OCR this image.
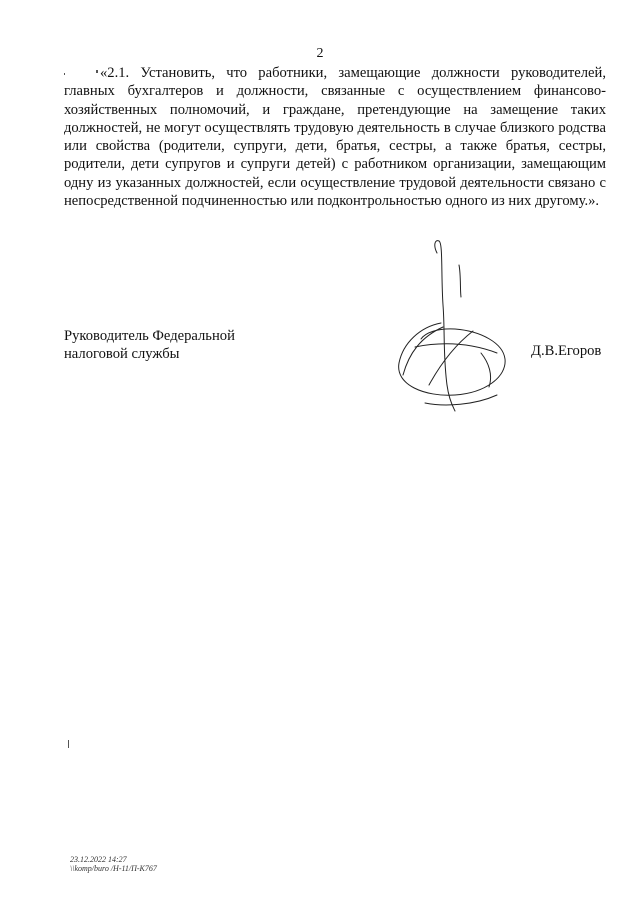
2

«2.1. Установить, что работники, замещающие должности руководителей, главных бухгалтеров и должности, связанные с осуществлением финансово-хозяйственных полномочий, и граждане, претендующие на замещение таких должностей, не могут осуществлять трудовую деятельность в случае близкого родства или свойства (родители, супруги, дети, братья, сестры, а также братья, сестры, родители, дети супругов и супруги детей) с работником организации, замещающим одну из указанных должностей, если осуществление трудовой деятельности связано с непосредственной подчиненностью или подконтрольностью одного из них другому.».

Руководитель Федеральной
налоговой службы	Д.В.Егоров
23.12.2022 14:27
\\komp/buro /Н-11/П-К767
